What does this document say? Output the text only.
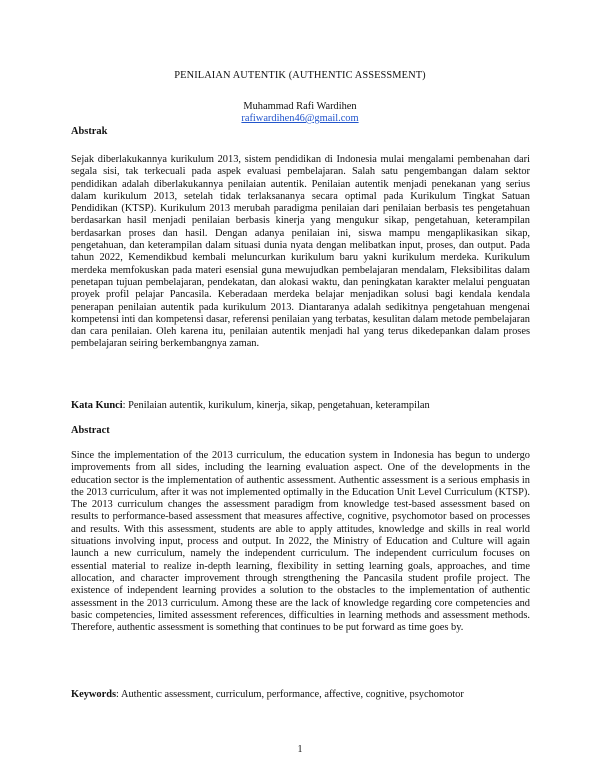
PENILAIAN AUTENTIK (AUTHENTIC ASSESSMENT)
Muhammad Rafi Wardihen
rafiwardihen46@gmail.com
Abstrak

Sejak diberlakukannya kurikulum 2013, sistem pendidikan di Indonesia mulai mengalami pembenahan dari segala sisi, tak terkecuali pada aspek evaluasi pembelajaran. Salah satu pengembangan dalam sektor pendidikan adalah diberlakukannya penilaian autentik. Penilaian autentik menjadi penekanan yang serius dalam kurikulum 2013, setelah tidak terlaksananya secara optimal pada Kurikulum Tingkat Satuan Pendidikan (KTSP). Kurikulum 2013 merubah paradigma penilaian dari penilaian berbasis tes pengetahuan berdasarkan hasil menjadi penilaian berbasis kinerja yang mengukur sikap, pengetahuan, keterampilan berdasarkan proses dan hasil. Dengan adanya penilaian ini, siswa mampu mengaplikasikan sikap, pengetahuan, dan keterampilan dalam situasi dunia nyata dengan melibatkan input, proses, dan output. Pada tahun 2022, Kemendikbud kembali meluncurkan kurikulum baru yakni kurikulum merdeka. Kurikulum merdeka memfokuskan pada materi esensial guna mewujudkan pembelajaran mendalam, Fleksibilitas dalam penetapan tujuan pembelajaran, pendekatan, dan alokasi waktu, dan peningkatan karakter melalui penguatan proyek profil pelajar Pancasila. Keberadaan merdeka belajar menjadikan solusi bagi kendala kendala penerapan penilaian autentik pada kurikulum 2013. Diantaranya adalah sedikitnya pengetahuan mengenai kompetensi inti dan kompetensi dasar, referensi penilaian yang terbatas, kesulitan dalam metode pembelajaran dan cara penilaian. Oleh karena itu, penilaian autentik menjadi hal yang terus dikedepankan dalam proses pembelajaran seiring berkembangnya zaman.

Kata Kunci: Penilaian autentik, kurikulum, kinerja, sikap, pengetahuan, keterampilan
Abstract

Since the implementation of the 2013 curriculum, the education system in Indonesia has begun to undergo improvements from all sides, including the learning evaluation aspect. One of the developments in the education sector is the implementation of authentic assessment. Authentic assessment is a serious emphasis in the 2013 curriculum, after it was not implemented optimally in the Education Unit Level Curriculum (KTSP). The 2013 curriculum changes the assessment paradigm from knowledge test-based assessment based on results to performance-based assessment that measures affective, cognitive, psychomotor based on processes and results. With this assessment, students are able to apply attitudes, knowledge and skills in real world situations involving input, process and output. In 2022, the Ministry of Education and Culture will again launch a new curriculum, namely the independent curriculum. The independent curriculum focuses on essential material to realize in-depth learning, flexibility in setting learning goals, approaches, and time allocation, and character improvement through strengthening the Pancasila student profile project. The existence of independent learning provides a solution to the obstacles to the implementation of authentic assessment in the 2013 curriculum. Among these are the lack of knowledge regarding core competencies and basic competencies, limited assessment references, difficulties in learning methods and assessment methods. Therefore, authentic assessment is something that continues to be put forward as time goes by.

Keywords: Authentic assessment, curriculum, performance, affective, cognitive, psychomotor
1
